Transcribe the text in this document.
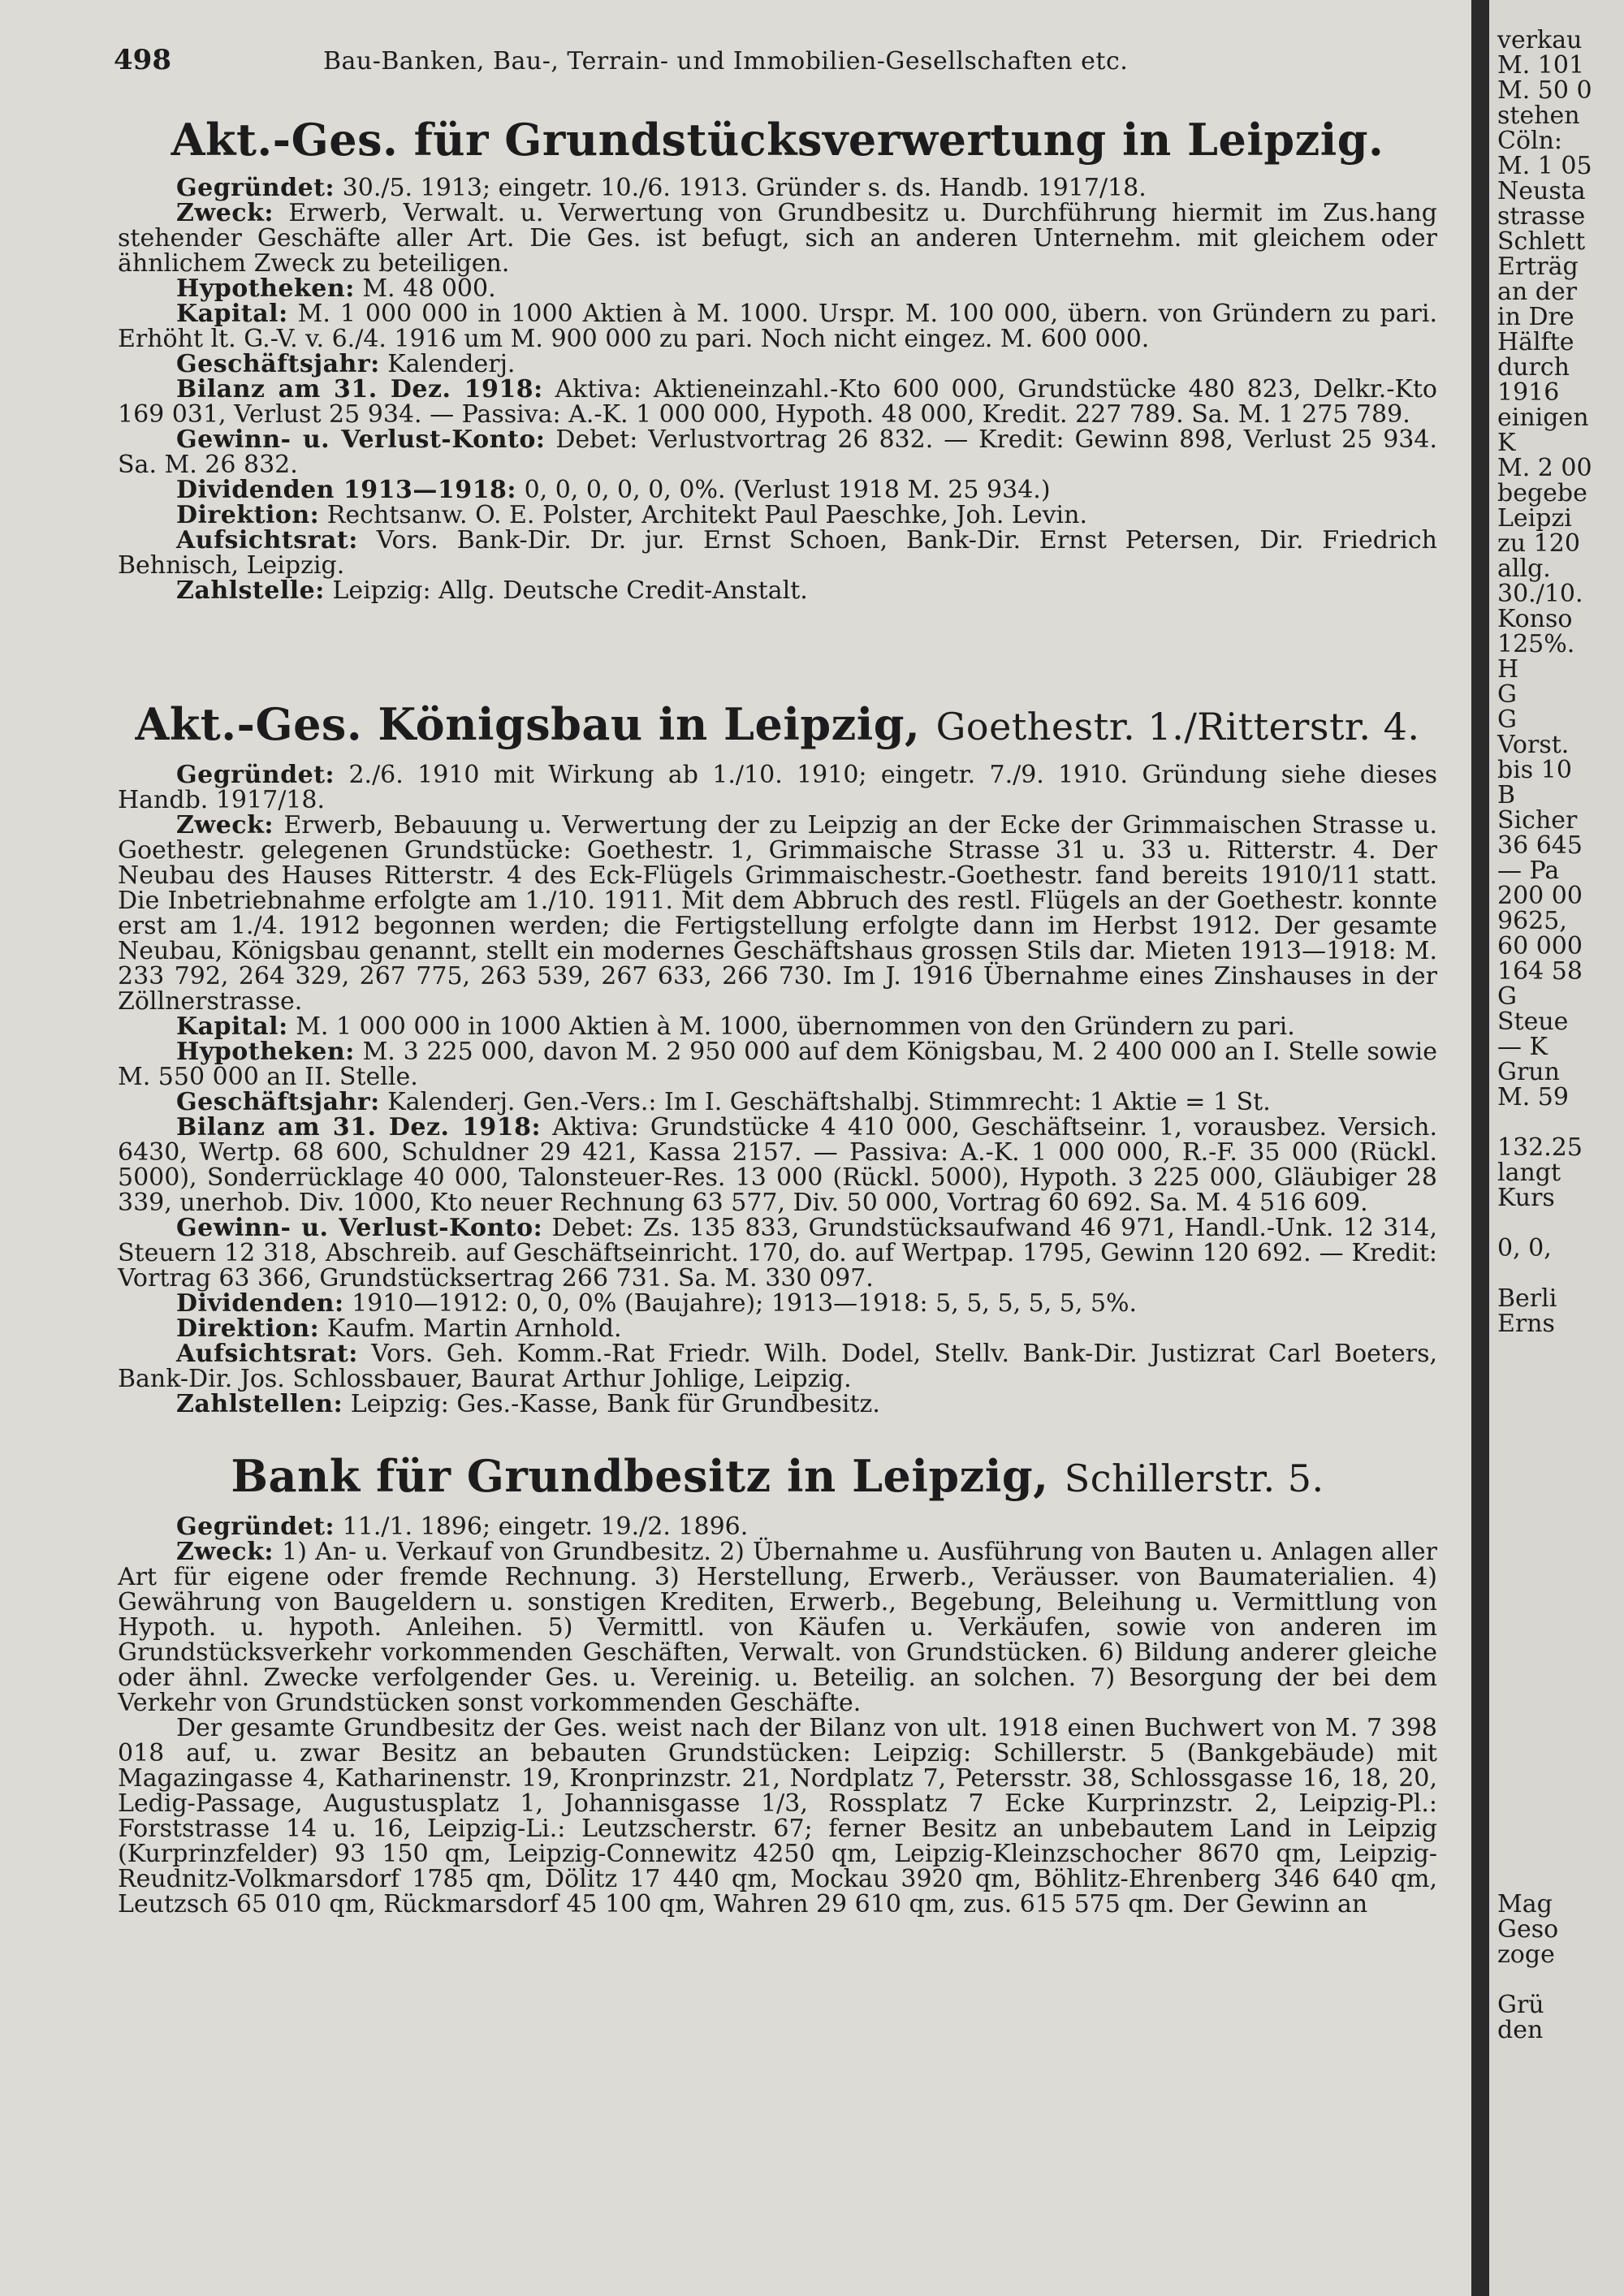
498	Bau-Banken, Bau-, Terrain- und Immobilien-Gesellschaften etc.
Akt.-Ges. für Grundstücksverwertung in Leipzig.

Gegründet: 30./5. 1913; eingetr. 10./6. 1913. Gründer s. ds. Handb. 1917/18.

Zweck: Erwerb, Verwalt. u. Verwertung von Grundbesitz u. Durchführung hiermit im Zus.hang stehender Geschäfte aller Art. Die Ges. ist befugt, sich an anderen Unternehm. mit gleichem oder ähnlichem Zweck zu beteiligen.

Hypotheken: M. 48 000.

Kapital: M. 1 000 000 in 1000 Aktien à M. 1000. Urspr. M. 100 000, übern. von Gründern zu pari. Erhöht lt. G.-V. v. 6./4. 1916 um M. 900 000 zu pari. Noch nicht eingez. M. 600 000.

Geschäftsjahr: Kalenderj.

Bilanz am 31. Dez. 1918: Aktiva: Aktieneinzahl.-Kto 600 000, Grundstücke 480 823, Delkr.-Kto 169 031, Verlust 25 934. — Passiva: A.-K. 1 000 000, Hypoth. 48 000, Kredit. 227 789. Sa. M. 1 275 789.

Gewinn- u. Verlust-Konto: Debet: Verlustvortrag 26 832. — Kredit: Gewinn 898, Verlust 25 934. Sa. M. 26 832.

Dividenden 1913—1918: 0, 0, 0, 0, 0, 0%. (Verlust 1918 M. 25 934.)

Direktion: Rechtsanw. O. E. Polster, Architekt Paul Paeschke, Joh. Levin.

Aufsichtsrat: Vors. Bank-Dir. Dr. jur. Ernst Schoen, Bank-Dir. Ernst Petersen, Dir. Friedrich Behnisch, Leipzig.

Zahlstelle: Leipzig: Allg. Deutsche Credit-Anstalt.

Akt.-Ges. Königsbau in Leipzig, Goethestr. 1./Ritterstr. 4.

Gegründet: 2./6. 1910 mit Wirkung ab 1./10. 1910; eingetr. 7./9. 1910. Gründung siehe dieses Handb. 1917/18.

Zweck: Erwerb, Bebauung u. Verwertung der zu Leipzig an der Ecke der Grimmaischen Strasse u. Goethestr. gelegenen Grundstücke: Goethestr. 1, Grimmaische Strasse 31 u. 33 u. Ritterstr. 4. Der Neubau des Hauses Ritterstr. 4 des Eck-Flügels Grimmaischestr.-Goethestr. fand bereits 1910/11 statt. Die Inbetriebnahme erfolgte am 1./10. 1911. Mit dem Abbruch des restl. Flügels an der Goethestr. konnte erst am 1./4. 1912 begonnen werden; die Fertigstellung erfolgte dann im Herbst 1912. Der gesamte Neubau, Königsbau genannt, stellt ein modernes Geschäftshaus grossen Stils dar. Mieten 1913—1918: M. 233 792, 264 329, 267 775, 263 539, 267 633, 266 730. Im J. 1916 Übernahme eines Zinshauses in der Zöllnerstrasse.

Kapital: M. 1 000 000 in 1000 Aktien à M. 1000, übernommen von den Gründern zu pari.

Hypotheken: M. 3 225 000, davon M. 2 950 000 auf dem Königsbau, M. 2 400 000 an I. Stelle sowie M. 550 000 an II. Stelle.

Geschäftsjahr: Kalenderj. Gen.-Vers.: Im I. Geschäftshalbj. Stimmrecht: 1 Aktie = 1 St.

Bilanz am 31. Dez. 1918: Aktiva: Grundstücke 4 410 000, Geschäftseinr. 1, vorausbez. Versich. 6430, Wertp. 68 600, Schuldner 29 421, Kassa 2157. — Passiva: A.-K. 1 000 000, R.-F. 35 000 (Rückl. 5000), Sonderrücklage 40 000, Talonsteuer-Res. 13 000 (Rückl. 5000), Hypoth. 3 225 000, Gläubiger 28 339, unerhob. Div. 1000, Kto neuer Rechnung 63 577, Div. 50 000, Vortrag 60 692. Sa. M. 4 516 609.

Gewinn- u. Verlust-Konto: Debet: Zs. 135 833, Grundstücksaufwand 46 971, Handl.-Unk. 12 314, Steuern 12 318, Abschreib. auf Geschäftseinricht. 170, do. auf Wertpap. 1795, Gewinn 120 692. — Kredit: Vortrag 63 366, Grundstücksertrag 266 731. Sa. M. 330 097.

Dividenden: 1910—1912: 0, 0, 0% (Baujahre); 1913—1918: 5, 5, 5, 5, 5, 5%.

Direktion: Kaufm. Martin Arnhold.

Aufsichtsrat: Vors. Geh. Komm.-Rat Friedr. Wilh. Dodel, Stellv. Bank-Dir. Justizrat Carl Boeters, Bank-Dir. Jos. Schlossbauer, Baurat Arthur Johlige, Leipzig.

Zahlstellen: Leipzig: Ges.-Kasse, Bank für Grundbesitz.

Bank für Grundbesitz in Leipzig, Schillerstr. 5.

Gegründet: 11./1. 1896; eingetr. 19./2. 1896.

Zweck: 1) An- u. Verkauf von Grundbesitz. 2) Übernahme u. Ausführung von Bauten u. Anlagen aller Art für eigene oder fremde Rechnung. 3) Herstellung, Erwerb., Veräusser. von Baumaterialien. 4) Gewährung von Baugeldern u. sonstigen Krediten, Erwerb., Begebung, Beleihung u. Vermittlung von Hypoth. u. hypoth. Anleihen. 5) Vermittl. von Käufen u. Verkäufen, sowie von anderen im Grundstücksverkehr vorkommenden Geschäften, Verwalt. von Grundstücken. 6) Bildung anderer gleiche oder ähnl. Zwecke verfolgender Ges. u. Vereinig. u. Beteilig. an solchen. 7) Besorgung der bei dem Verkehr von Grundstücken sonst vorkommenden Geschäfte.

Der gesamte Grundbesitz der Ges. weist nach der Bilanz von ult. 1918 einen Buchwert von M. 7 398 018 auf, u. zwar Besitz an bebauten Grundstücken: Leipzig: Schillerstr. 5 (Bankgebäude) mit Magazingasse 4, Katharinenstr. 19, Kronprinzstr. 21, Nordplatz 7, Petersstr. 38, Schlossgasse 16, 18, 20, Ledig-Passage, Augustusplatz 1, Johannisgasse 1/3, Rossplatz 7 Ecke Kurprinzstr. 2, Leipzig-Pl.: Forststrasse 14 u. 16, Leipzig-Li.: Leutzscherstr. 67; ferner Besitz an unbebautem Land in Leipzig (Kurprinzfelder) 93 150 qm, Leipzig-Connewitz 4250 qm, Leipzig-Kleinzschocher 8670 qm, Leipzig-Reudnitz-Volkmarsdorf 1785 qm, Dölitz 17 440 qm, Mockau 3920 qm, Böhlitz-Ehrenberg 346 640 qm, Leutzsch 65 010 qm, Rückmarsdorf 45 100 qm, Wahren 29 610 qm, zus. 615 575 qm. Der Gewinn an

verkau
M. 101
M. 50 0
stehen
Cöln:
M. 1 05
Neusta
strasse
Schlett
Erträg
an der
in Dre
Hälfte
durch
1916
einigen
K
M. 2 00
begebe
Leipzi
zu 120
allg.
30./10.
Konso
125%.
H
G
G
Vorst.
bis 10
B
Sicher
36 645
— Pa
200 00
9625,
60 000
164 58
G
Steue
— K
Grun
M. 59
132.25
langt
Kurs
0, 0,
Berli
Erns
Mag
Geso
zoge
Grü
den
